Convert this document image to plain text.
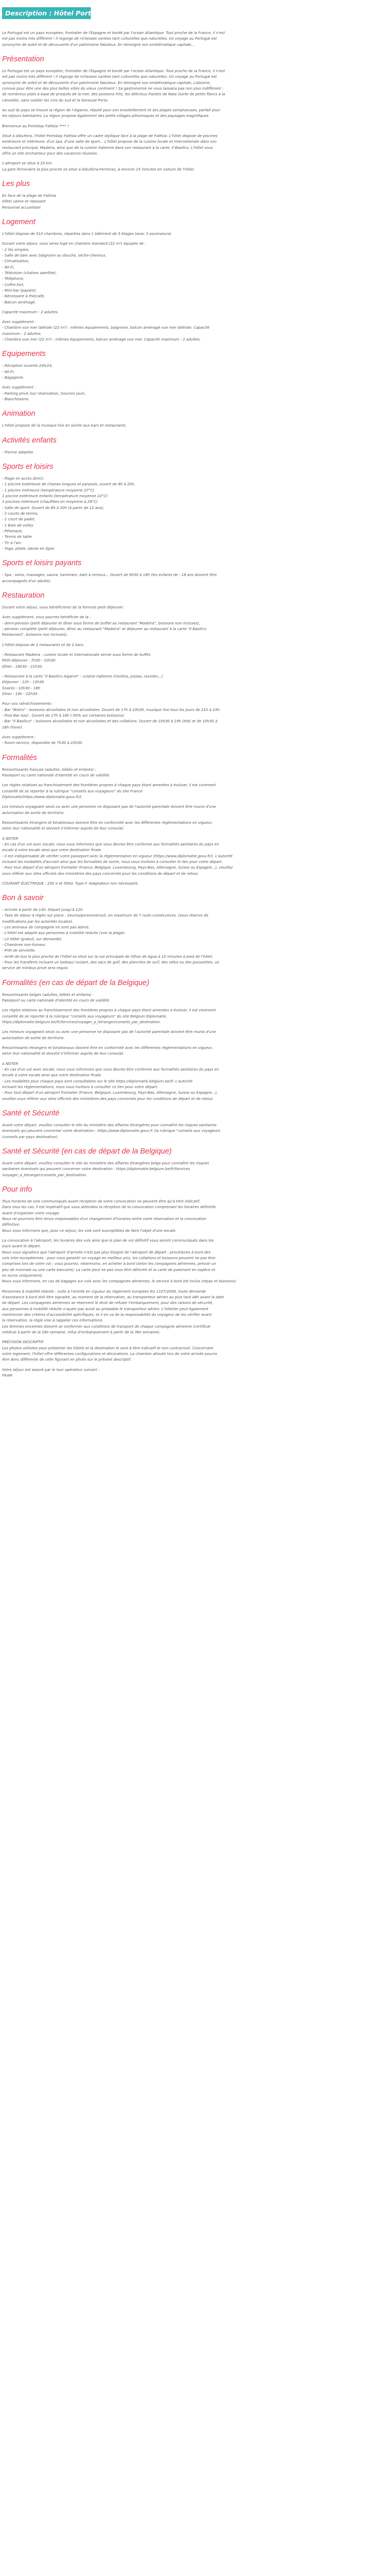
Description : Hôtel Portobay Falésia ****
Le Portugal est un pays européen, frontalier de l'Espagne et bordé par l'océan Atlantique. Tout proche de la France, il n'est
est pas moins très différent ! Il regorge de richesses variées tant culturelles que naturelles. Un voyage au Portugal est
synonyme de soleil et de découverte d'un patrimoine fabuleux. En témoigne son emblématique capitale...
Présentation
Le Portugal est un pays européen, frontalier de l'Espagne et bordé par l'océan Atlantique. Tout proche de la France, il n'est
est pas moins très différent ! Il regorge de richesses variées tant culturelles que naturelles. Un voyage au Portugal est
synonyme de soleil et de découverte d'un patrimoine fabuleux. En témoigne son emblématique capitale, Lisbonne,
connue pour être une des plus belles villes du vieux continent ! Sa gastronomie ne vous laissera pas non plus indifférent :
de nombreux plats à base de produits de la mer, des poissons frits, les délicieux Pastéis de Nata (sorte de petits flancs à la
cannelle), sans oublier les vins du sud et la fameuse Porto.
Au sud du pays se trouve la région de l'Algarve, réputé pour son ensoleillement et ses plages somptueuses, parfait pour
les séjours balnéaires. La région propose également des petits villages pittoresques et des paysages magnifiques.
Bienvenue au Portobay Falésia **** !
Situé à Albufeira, l'hôtel Portobay Falésia offre un cadre idyllique face à la plage de Falésia. L'hôtel dispose de piscines
extérieure et intérieure, d'un spa, d'une salle de sport... L'hôtel propose de la cuisine locale et internationale dans son
restaurant principal, Madeira, ainsi que de la cuisine italienne dans son restaurant à la carte, Il Basilico. L'hôtel vous
offre un site enchanteur pour des vacances réussies.
L'aéroport se situe à 33 km.
La gare ferroviaire la plus proche se situe à Albufeira-Ferreiras, à environ 15 minutes en voiture de l'hôtel.
Les plus
En face de la plage de Falésia
Hôtel calme et reposant
Personnel accueillant
Logement
L'hôtel dispose de 310 chambres, réparties dans 1 bâtiment de 5 étages (avec 3 ascenseurs).
Durant votre séjour, vous serez logé en chambre standard (22 m²) équipée de :
- 2 lits simples,
- Salle de bain avec baignoire ou douche, sèche-cheveux,
- Climatisation,
- Wi-Fi,
- Télévision (chaînes satellite),
- Téléphone,
- Coffre-fort,
- Mini-bar (payant),
- Nécessaire à thé/café,
- Balcon aménagé.
Capacité maximum : 2 adultes.
Avec supplément :
- Chambre vue mer latérale (22 m²) : mêmes équipements, baignoire, balcon aménagé vue mer latérale. Capacité
maximum : 2 adultes.
- Chambre vue mer (22 m²) : mêmes équipements, balcon aménagé vue mer. Capacité maximum : 2 adultes.
Equipements
- Réception ouverte 24h/24,
- Wi-Fi,
- Bagagerie.
Avec supplément :
- Parking privé (sur réservation, Sources jour),
- Blanchisserie.
Animation
L'hôtel propose de la musique live en soirée aux bars et restaurants.
Activités enfants
- Piscine adaptée.
Sports et loisirs
- Plage en accès direct,
- 1 piscine extérieure de chaises longues et parasols, ouvert de 8h à 20h,
- 1 piscine intérieure (température moyenne 27°C)
1 piscine extérieure enfants (température moyenne 22°C)
2 piscines intérieure (chauffées en moyenne à 28°C)
- Salle de sport. Ouvert de 8h à 20h (à partir de 12 ans),
- 2 courts de tennis,
- 1 court de padel,
- 1 Baie de volley
- Pétanque,
- Tennis de table
- Tir à l'arc
- Yoga, pilate, danse en ligne
Sports et loisirs payants
- Spa : soins, massages, sauna, hammam, bain à remous... Ouvert de 9h30 à 18h (les enfants de - 18 ans doivent être
accompagnés d'un adulte).
Restauration
Durant votre séjour, vous bénéficierez de la formule petit déjeuner.
Avec supplément, vous pourrez bénéficier de la :
- demi-pension (petit déjeuner et dîner sous forme de buffet au restaurant "Madeira", boissons non incluses),
- pension complète (petit déjeuner, dîner au restaurant "Madeira" et déjeuner au restaurant à la carte "Il Basilico
Restaurant", boissons non incluses).
L'hôtel dispose de 2 restaurants et de 2 bars.
- Restaurant Madeira : cuisine locale et internationale servie sous forme de buffet.
Petit-déjeuner : 7h30 - 10h30
Dîner : 18h30 - 21h30.
- Restaurant à la carte "Il Basilico Algarve" : cuisine italienne (risottos, pizzas, ravioles...)
Déjeuner : 12h - 15h30
Snacks : 10h30 - 18h
Dîner : 19h - 22h30.
Pour vos rafraîchissements :
- Bar "Bistro" : boissons alcoolisées et non alcoolisées. Ouvert de 17h à 23h30, musique live tous les jours de 21h à 23h.
- Pool Bar Azul : Ouvert de 17h à 18h (-50% sur certaines boissons).
- Bar "Il Basilico" : boissons alcoolisées et non alcoolisées et des collations. Ouvert de 10h30 à 19h (été) et de 10h30 à
18h (hiver).
Avec supplément :
- Room-service, disponible de 7h30 à 22h30.
Formalités
Ressortissants français (adultes, bébés et enfants) :
Passeport ou carte nationale d'identité en cours de validité.
Les règles relatives au franchissement des frontières propres à chaque pays étant amenées à évoluer, il est vivement
conseillé de se reporter à la rubrique "conseils aux voyageurs" du site France
Diplomatie(https://www.diplomatie.gouv.fr/).
Les mineurs voyageant seuls ou avec une personne ne disposant pas de l'autorité parentale doivent être munis d'une
autorisation de sortie de territoire.
Ressortissants étrangers et binationaux doivent être en conformité avec les différentes réglementations en vigueur,
selon leur nationalité et doivent s'informer auprès de leur consulat.
A NOTER
- En cas d'un vol avec escale, nous vous informons que vous devrez être conforme aux formalités sanitaires du pays en
escale à votre escale ainsi que votre destination finale.
- Il est indispensable de vérifier votre passeport avec la réglementation en vigueur (https://www.diplomatie.gouv.fr/). L'autorité
incluant les modalités d'accueil ainsi que les formalités de sortie, nous vous invitons à consulter le lien pour votre départ.
- Pour tout départ d'un aéroport frontalier (France, Belgique, Luxembourg, Pays-Bas, Allemagne, Suisse ou Espagne...), veuillez
vous référer aux sites officiels des ministères des pays concernés pour les conditions de départ et de retour.
COURANT ÉLECTRIQUE : 230 V et 50Hz. Type F. Adaptateur non nécessaire.
Bon à savoir
- Arrivée à partir de 14h. Départ jusqu'à 12h.
- Taxe de séjour à régler sur place : 2euros/personne/nuit, en maximum de 7 nuits consécutives. (sous réserve de
modifications par les autorités locales).
- Les animaux de compagnie ne sont pas admis.
- L'hôtel est adapté aux personnes à mobilité réduite (voir la plage).
- Lit bébé (gratuit, sur demande).
- Chambres non-fumeur.
- Prêt de serviette.
- Arrêt de bus le plus proche de l'hôtel se situe sur la rue principale de Olhos de Água à 10 minutes à pied de l'hôtel.
- Pour les transferts incluant un bateau/ roulant, des sacs de golf, des planches de surf, des vélos ou des poussettes, un
service de minibus privé sera requis.
Formalités (en cas de départ de la Belgique)
Ressortissants belges (adultes, bébés et enfants) :
Passeport ou carte nationale d'identité en cours de validité.
Les règles relatives au franchissement des frontières propres à chaque pays étant amenées à évoluer, il est vivement
conseillé de se reporter à la rubrique "conseils aux voyageurs" du site Belgium Diplomatie,
https://diplomatie.belgium.be/fr/Services/voyager_a_letranger/conseils_par_destination.
Les mineurs voyageant seuls ou avec une personne ne disposant pas de l'autorité parentale doivent être munis d'une
autorisation de sortie de territoire.
Ressortissants étrangers et binationaux doivent être en conformité avec les différentes réglementations en vigueur,
selon leur nationalité et doivent s'informer auprès de leur consulat.
A NOTER
- En cas d'un vol avec escale, nous vous informons que vous devrez être conforme aux formalités sanitaires du pays en
escale à votre escale ainsi que votre destination finale.
- Les modalités pour chaque pays sont consultables sur le site https://diplomatie.belgium.be/fr. L'autorité
incluant les réglementations, nous vous invitons à consulter ce lien pour votre départ.
- Pour tout départ d'un aéroport frontalier (France, Belgique, Luxembourg, Pays-Bas, Allemagne, Suisse ou Espagne...),
veuillez vous référer aux sites officiels des ministères des pays concernés pour les conditions de départ et de retour.
Santé et Sécurité
Avant votre départ, veuillez consulter le site du ministère des Affaires étrangères pour connaître les risques sanitaires
éventuels qui peuvent concerner votre destination : https://www.diplomatie.gouv.fr (la rubrique "conseils aux voyageurs
/conseils par pays destination).
Santé et Sécurité (en cas de départ de la Belgique)
Avant votre départ, veuillez consulter le site du ministère des Affaires étrangères belge pour connaître les risques
sanitaires éventuels qui peuvent concerner votre destination : https://diplomatie.belgium.be/fr/Services
/voyager_a_letranger/conseils_par_destination.
Pour info
Tous horaires de vols communiqués avant réception de votre convocation ne peuvent être qu'à titre indicatif.
Dans tous les cas, il est impératif que vous attendiez la réception de la convocation comprenant les horaires définitifs
avant d'organiser votre voyage.
Nous ne pourrons être tenus responsables d'un changement d'horaires entre votre réservation et la convocation
définitive.
Nous vous informons que, pour ce séjour, les vols sont susceptibles de faire l'objet d'une escale.
La convocation à l'aéroport, les horaires des vols ainsi que le plan de vol définitif vous seront communiqués dans les
jours avant le départ.
Nous vous signalons que l'aéroport d'arrivée n'est pas plus éloigné de l'aéroport de départ : procédures à bord des
vols inter-européennes : pour vous garantir un voyage en meilleur prix, les collations et boissons peuvent ne pas être
comprises lors de votre vol ; vous pourrez, néanmoins, en acheter à bord (selon les compagnies aériennes, prévoir un
peu de monnaie ou une carte bancaire). La carte peut ne pas vous être délivrée et la carte de paiement en espèce et
en euros uniquement).
Nous vous informons, en cas de bagages sur vols avec les compagnies aériennes, le service à bord est inclus (repas et boissons).
Personnes à mobilité réduite : suite à l'entrée en vigueur du règlement européen EU 1107/2006, toute demande
d'assistance à bord doit être signalée, au moment de la réservation, au transporteur aérien au plus tard 48h avant la date
de départ. Les compagnies aériennes se réservent le droit de refuser l'embarquement, pour des raisons de sécurité,
aux personnes à mobilité réduite n'ayant pas avisé au préalable le transporteur aérien. L'hôtelier peut également
mentionner des critères d'accessibilité spécifiques, et il en va de la responsabilité du voyageur de les vérifier avant
la réservation, la règle vise à rappeler ces informations.
Les femmes enceintes doivent se conformer aux conditions de transport de chaque compagnie aérienne (certificat
médical à partir de la 28e semaine, refus d'embarquement à partir de la 36e semaine).
PRÉCISION DESCRIPTIF
Les photos utilisées pour présenter les hôtels et la destination le sont à titre indicatif et non contractuel. Concernant
votre logement, l'hôtel offre différentes configurations et décorations. La chambre allouée lors de votre arrivée pourra
être donc différente de celle figurant en photo sur le présent descriptif.
Votre séjour est assuré par le tour opérateur suivant :
FRAM
